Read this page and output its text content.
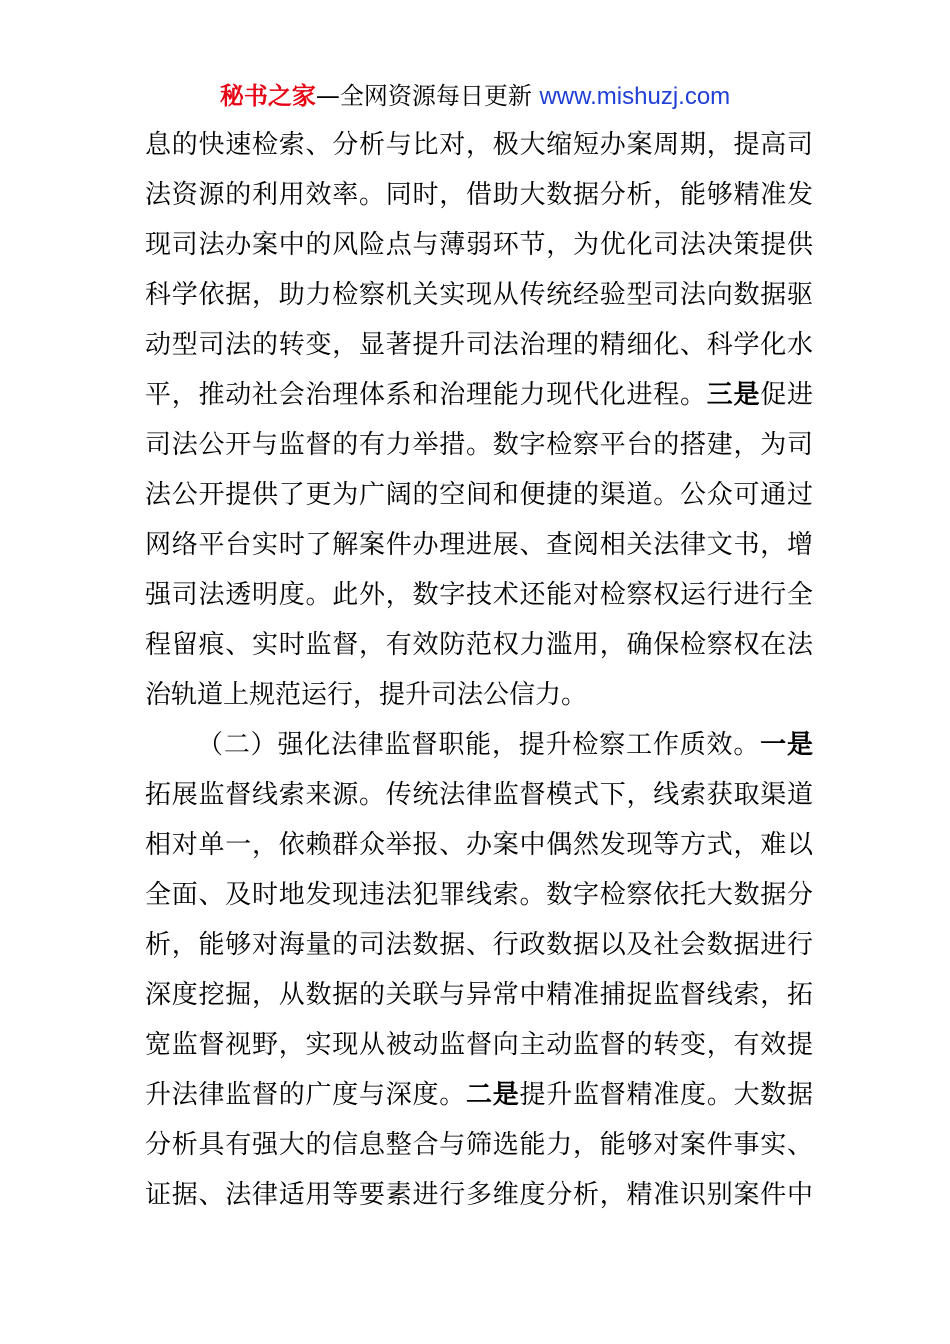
秘书之家—全网资源每日更新 www.mishuzj.com
息的快速检索、分析与比对，极大缩短办案周期，提高司
法资源的利用效率。同时，借助大数据分析，能够精准发
现司法办案中的风险点与薄弱环节，为优化司法决策提供
科学依据，助力检察机关实现从传统经验型司法向数据驱
动型司法的转变，显著提升司法治理的精细化、科学化水
平，推动社会治理体系和治理能力现代化进程。三是促进
司法公开与监督的有力举措。数字检察平台的搭建，为司
法公开提供了更为广阔的空间和便捷的渠道。公众可通过
网络平台实时了解案件办理进展、查阅相关法律文书，增
强司法透明度。此外，数字技术还能对检察权运行进行全
程留痕、实时监督，有效防范权力滥用，确保检察权在法
治轨道上规范运行，提升司法公信力。
（二）强化法律监督职能，提升检察工作质效。一是
拓展监督线索来源。传统法律监督模式下，线索获取渠道
相对单一，依赖群众举报、办案中偶然发现等方式，难以
全面、及时地发现违法犯罪线索。数字检察依托大数据分
析，能够对海量的司法数据、行政数据以及社会数据进行
深度挖掘，从数据的关联与异常中精准捕捉监督线索，拓
宽监督视野，实现从被动监督向主动监督的转变，有效提
升法律监督的广度与深度。二是提升监督精准度。大数据
分析具有强大的信息整合与筛选能力，能够对案件事实、
证据、法律适用等要素进行多维度分析，精准识别案件中
